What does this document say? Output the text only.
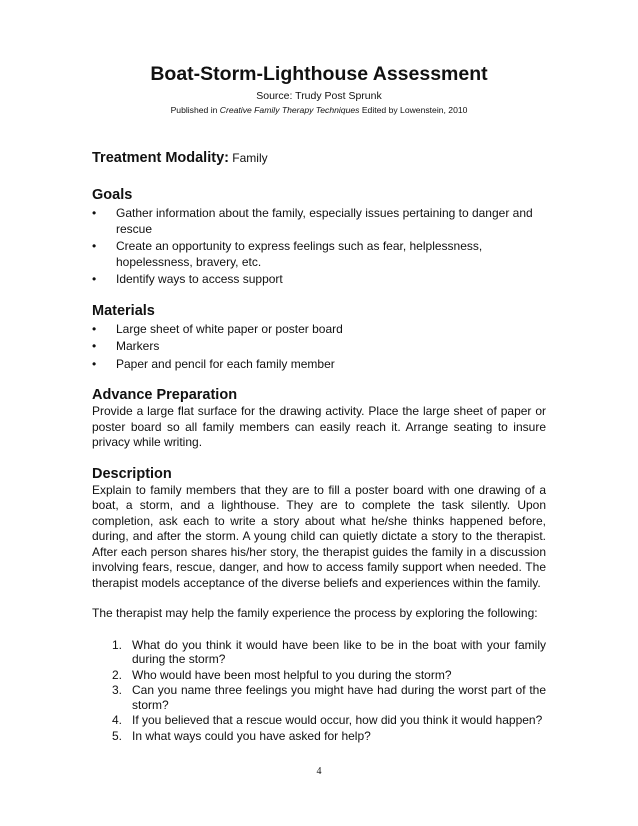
Boat-Storm-Lighthouse Assessment

Source: Trudy Post Sprunk

Published in Creative Family Therapy Techniques Edited by Lowenstein, 2010

Treatment Modality: Family
Goals
• Gather information about the family, especially issues pertaining to danger and rescue
• Create an opportunity to express feelings such as fear, helplessness, hopelessness, bravery, etc.
• Identify ways to access support
Materials
• Large sheet of white paper or poster board
• Markers
• Paper and pencil for each family member
Advance Preparation

Provide a large flat surface for the drawing activity. Place the large sheet of paper or poster board so all family members can easily reach it. Arrange seating to insure privacy while writing.

Description

Explain to family members that they are to fill a poster board with one drawing of a boat, a storm, and a lighthouse. They are to complete the task silently. Upon completion, ask each to write a story about what he/she thinks happened before, during, and after the storm. A young child can quietly dictate a story to the therapist. After each person shares his/her story, the therapist guides the family in a discussion involving fears, rescue, danger, and how to access family support when needed. The therapist models acceptance of the diverse beliefs and experiences within the family.

The therapist may help the family experience the process by exploring the following:

1. What do you think it would have been like to be in the boat with your family during the storm?
2. Who would have been most helpful to you during the storm?
3. Can you name three feelings you might have had during the worst part of the storm?
4. If you believed that a rescue would occur, how did you think it would happen?
5. In what ways could you have asked for help?
4
